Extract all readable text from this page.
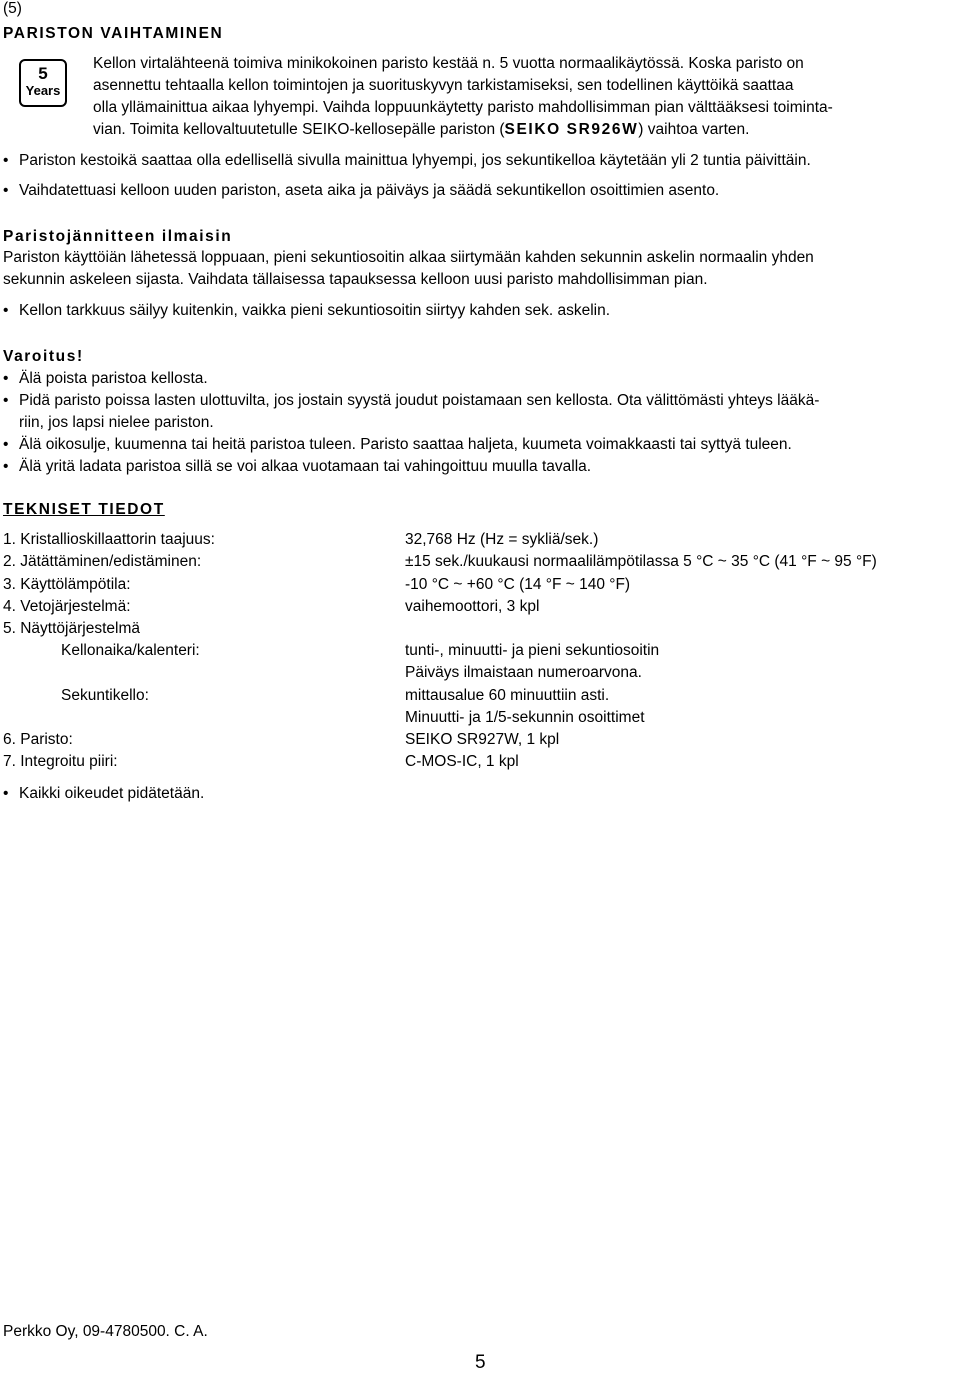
(5)
PARISTON VAIHTAMINEN
5
Years
Kellon virtalähteenä toimiva minikokoinen paristo kestää n. 5 vuotta normaalikäytössä. Koska paristo on
asennettu tehtaalla kellon toimintojen ja suorituskyvyn tarkistamiseksi, sen todellinen käyttöikä saattaa
olla yllämainittua aikaa lyhyempi. Vaihda loppuunkäytetty paristo mahdollisimman pian välttääksesi toiminta-
vian. Toimita kellovaltuutetulle SEIKO-kellosepälle pariston (SEIKO SR926W) vaihtoa varten.
• Pariston kestoikä saattaa olla edellisellä sivulla mainittua lyhyempi, jos sekuntikelloa käytetään yli 2 tuntia päivittäin.
• Vaihdatettuasi kelloon uuden pariston, aseta aika ja päiväys ja säädä sekuntikellon osoittimien asento.
Paristojännitteen ilmaisin
Pariston käyttöiän lähetessä loppuaan, pieni sekuntiosoitin alkaa siirtymään kahden sekunnin askelin normaalin yhden
sekunnin askeleen sijasta. Vaihdata tällaisessa tapauksessa kelloon uusi paristo mahdollisimman pian.
• Kellon tarkkuus säilyy kuitenkin, vaikka pieni sekuntiosoitin siirtyy kahden sek. askelin.
Varoitus!
• Älä poista paristoa kellosta.
• Pidä paristo poissa lasten ulottuvilta, jos jostain syystä joudut poistamaan sen kellosta. Ota välittömästi yhteys lääkä-
riin, jos lapsi nielee pariston.
• Älä oikosulje, kuumenna tai heitä paristoa tuleen. Paristo saattaa haljeta, kuumeta voimakkaasti tai syttyä tuleen.
• Älä yritä ladata paristoa sillä se voi alkaa vuotamaan tai vahingoittuu muulla tavalla.
TEKNISET TIEDOT
1. Kristallioskillaattorin taajuus:	32,768 Hz (Hz = sykliä/sek.)
2. Jätättäminen/edistäminen:	±15 sek./kuukausi normaalilämpötilassa 5 °C ~ 35 °C (41 °F ~ 95 °F)
3. Käyttölämpötila:	-10 °C ~ +60 °C (14 °F ~ 140 °F)
4. Vetojärjestelmä:	vaihemoottori, 3 kpl
5. Näyttöjärjestelmä
Kellonaika/kalenteri:	tunti-, minuutti- ja pieni sekuntiosoitin
Päiväys ilmaistaan numeroarvona.
Sekuntikello:	mittausalue 60 minuuttiin asti.
Minuutti- ja 1/5-sekunnin osoittimet
6. Paristo:	SEIKO SR927W, 1 kpl
7. Integroitu piiri:	C-MOS-IC, 1 kpl
• Kaikki oikeudet pidätetään.
Perkko Oy, 09-4780500. C. A.
5
